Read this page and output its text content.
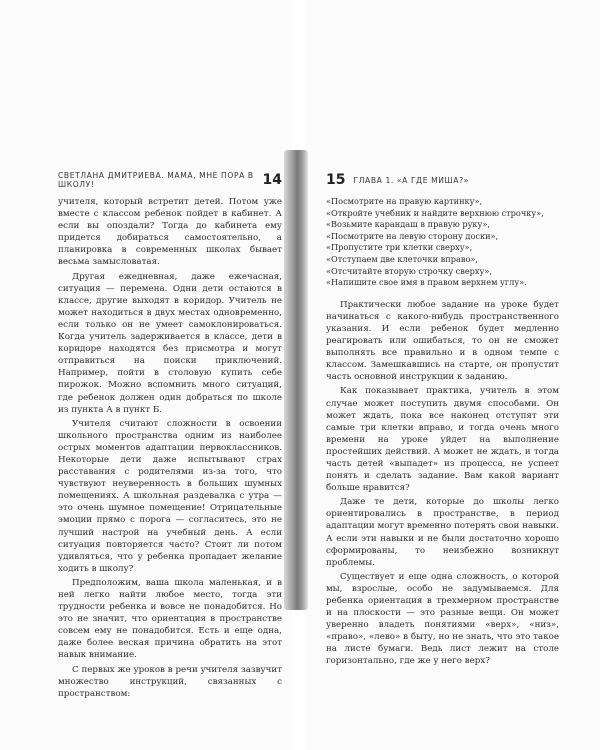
СВЕТЛАНА ДМИТРИЕВА. МАМА, МНЕ ПОРА В ШКОЛУ!	14	15 ГЛАВА 1. «А ГДЕ МИША?»

учителя, который встретит детей. Потом уже вместе с классом ребенок пойдет в кабинет. А если вы опоздали? Тогда до кабинета ему придется добираться самостоятельно, а планировка в современных школах бывает весьма замысловатая.

Другая ежедневная, даже ежечасная, ситуация — перемена. Одни дети остаются в классе, другие выходят в коридор. Учитель не может находиться в двух местах одновременно, если только он не умеет самоклонироваться. Когда учитель задерживается в классе, дети в коридоре находятся без присмотра и могут отправиться на поиски приключений. Например, пойти в столовую купить себе пирожок. Можно вспомнить много ситуаций, где ребенок должен один добраться по школе из пункта А в пункт Б.

Учителя считают сложности в освоении школьного пространства одним из наиболее острых моментов адаптации первоклассников. Некоторые дети даже испытывают страх расставания с родителями из-за того, что чувствуют неуверенность в больших шумных помещениях. А школьная раздевалка с утра — это очень шумное помещение! Отрицательные эмоции прямо с порога — согласитесь, это не лучший настрой на учебный день. А если ситуация повторяется часто? Стоит ли потом удивляться, что у ребенка пропадает желание ходить в школу?

Предположим, ваша школа маленькая, и в ней легко найти любое место, тогда эти трудности ребенка и вовсе не понадобится. Но это не значит, что ориентация в пространстве совсем ему не понадобится. Есть и еще одна, даже более веская причина обратить на этот навык внимание.

С первых же уроков в речи учителя зазвучит множество инструкций, связанных с пространством:

«Посмотрите на правую картинку»,
«Откройте учебник и найдите верхнюю строчку»,
«Возьмите карандаш в правую руку»,
«Посмотрите на левую сторону доски»,
«Пропустите три клетки сверху»,
«Отступаем две клеточки вправо»,
«Отсчитайте вторую строчку сверху»,
«Напишите свое имя в правом верхнем углу».

Практически любое задание на уроке будет начинаться с какого-нибудь пространственного указания. И если ребенок будет медленно реагировать или ошибаться, то он не сможет выполнять все правильно и в одном темпе с классом. Замешкавшись на старте, он пропустит часть основной инструкции к заданию.

Как показывает практика, учитель в этом случае может поступить двумя способами. Он может ждать, пока все наконец отступят эти самые три клетки вправо, и тогда очень много времени на уроке уйдет на выполнение простейших действий. А может не ждать, и тогда часть детей «выпадет» из процесса, не успеет понять и сделать задание. Вам какой вариант больше нравится?

Даже те дети, которые до школы легко ориентировались в пространстве, в период адаптации могут временно потерять свои навыки. А если эти навыки и не были достаточно хорошо сформированы, то неизбежно возникнут проблемы.

Существует и еще одна сложность, о которой мы, взрослые, особо не задумываемся. Для ребенка ориентация в трехмерном пространстве и на плоскости — это разные вещи. Он может уверенно владеть понятиями «верх», «низ», «право», «лево» в быту, но не знать, что это такое на листе бумаги. Ведь лист лежит на столе горизонтально, где же у него верх?
